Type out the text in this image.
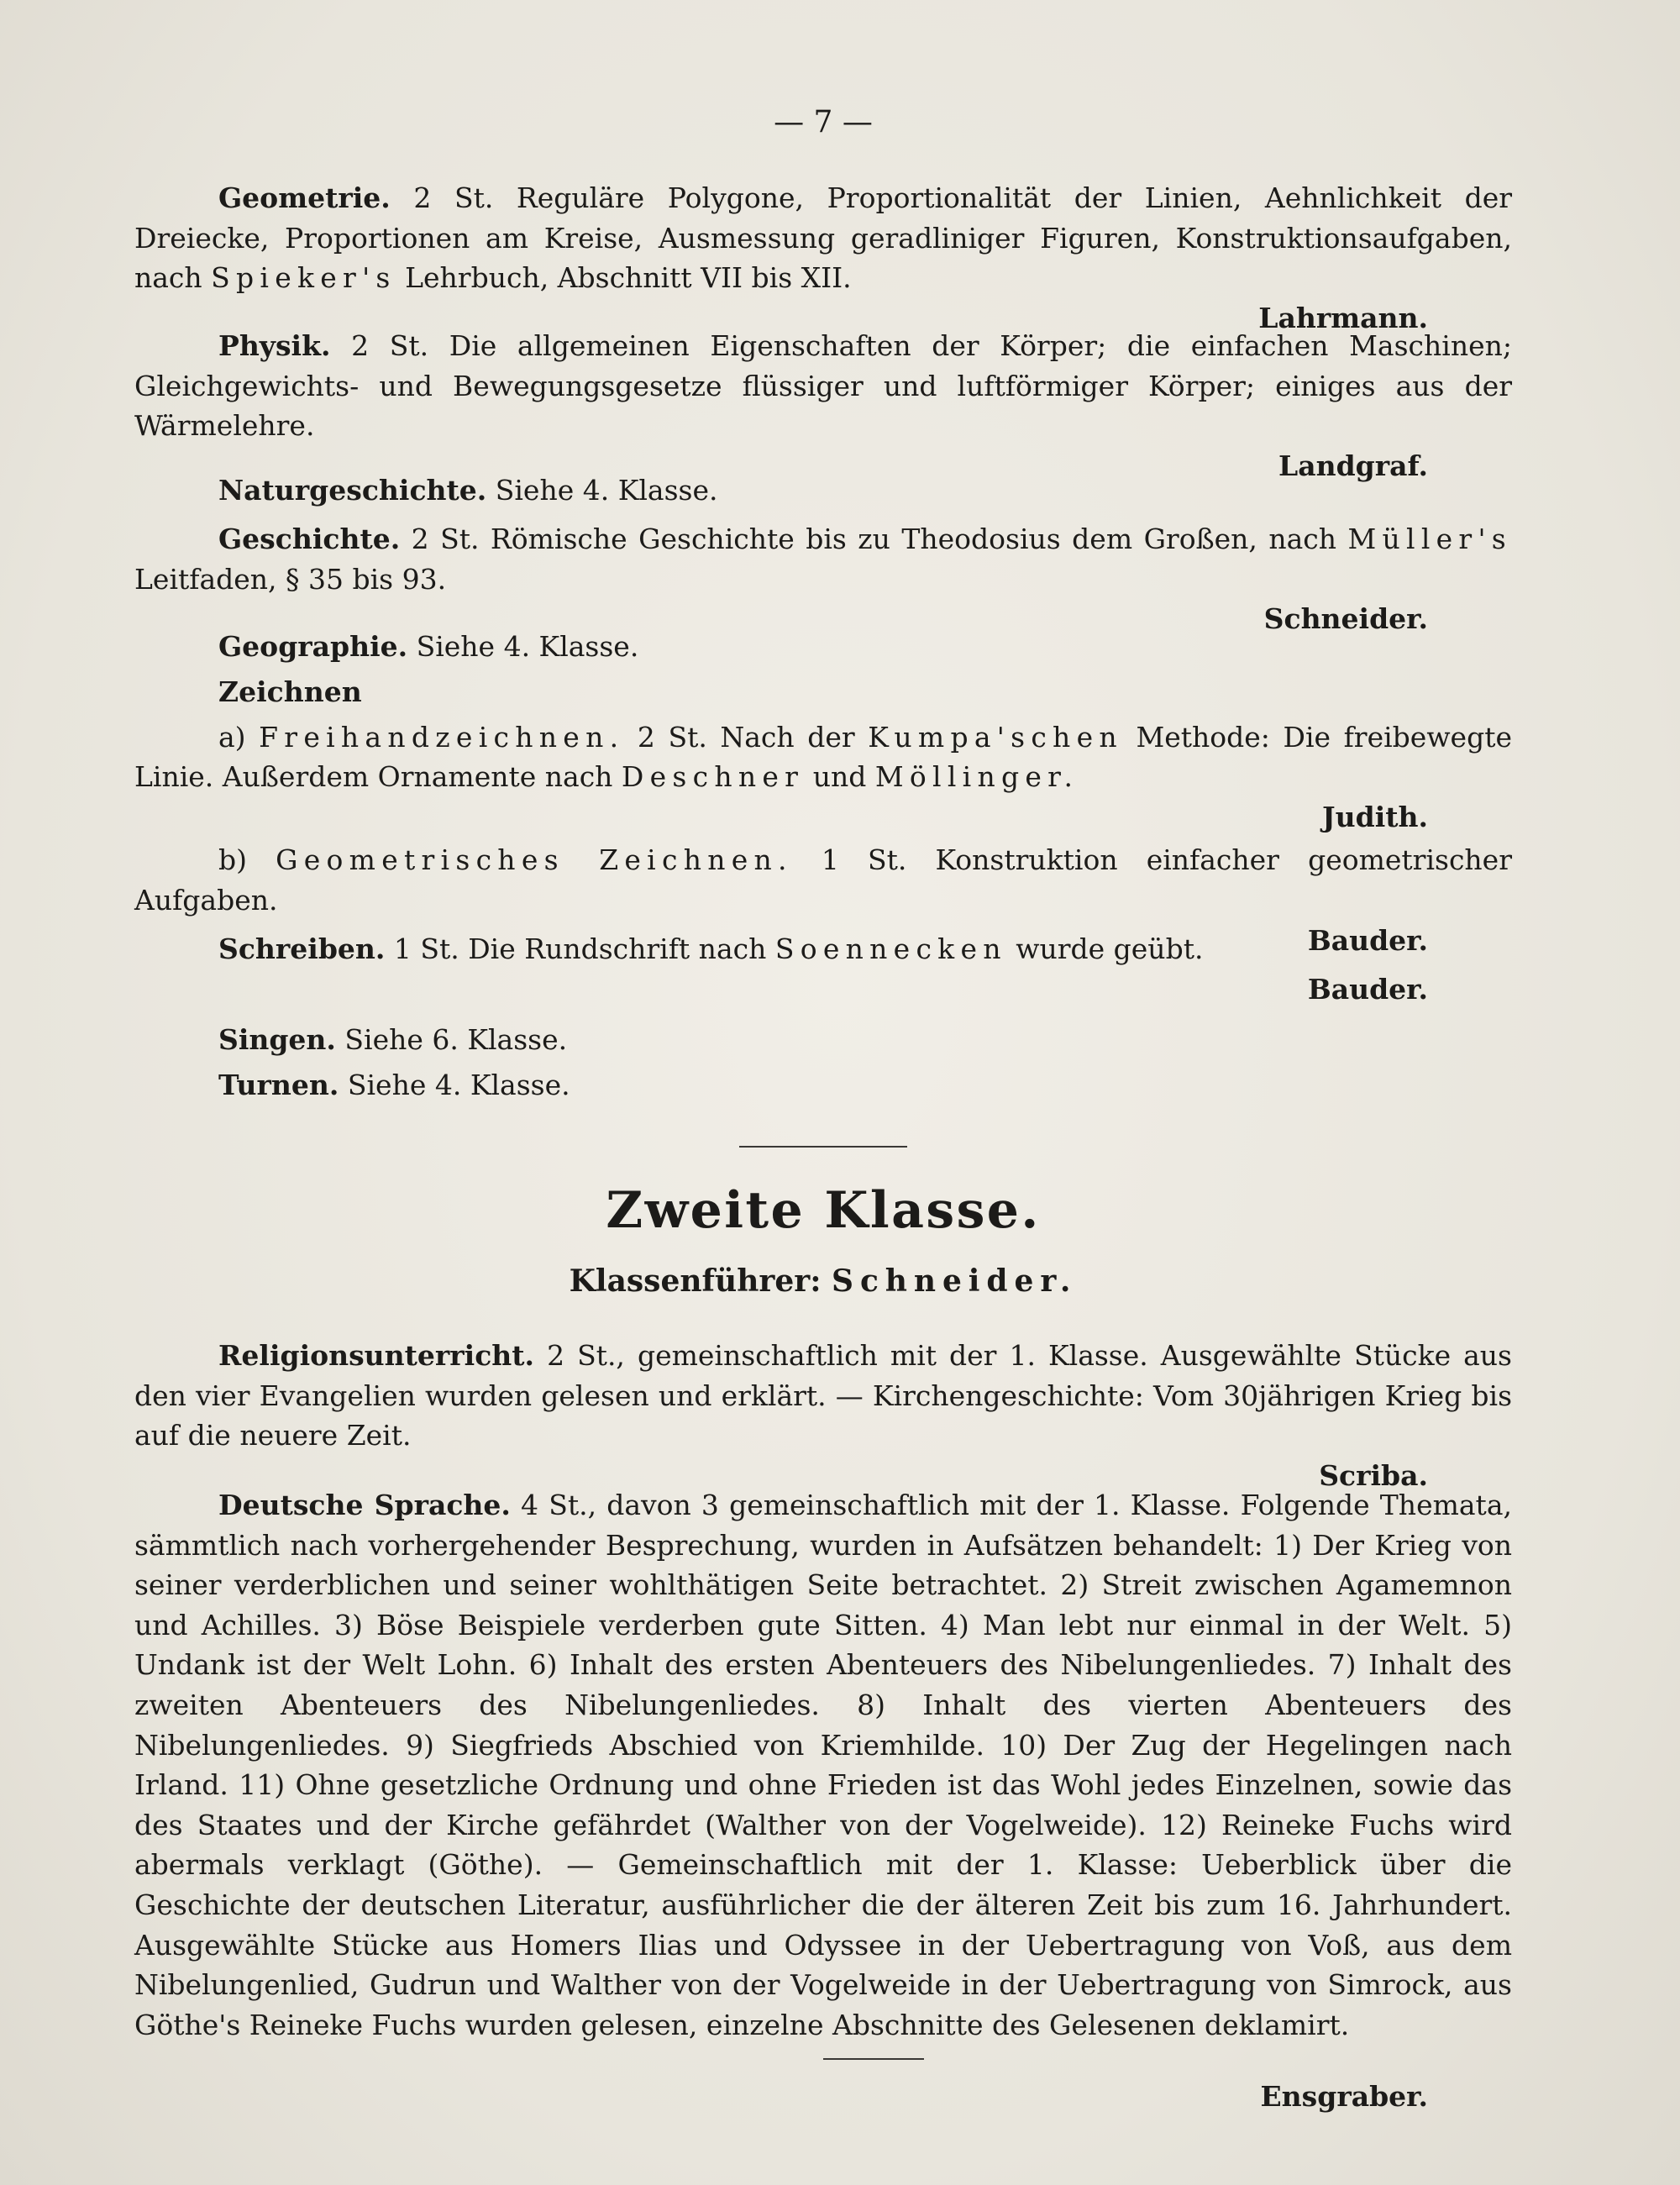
— 7 —

Geometrie. 2 St. Reguläre Polygone, Proportionalität der Linien, Aehnlichkeit der Dreiecke, Proportionen am Kreise, Ausmessung geradliniger Figuren, Konstruktionsaufgaben, nach Spieker's Lehrbuch, Abschnitt VII bis XII.

Lahrmann.

Physik. 2 St. Die allgemeinen Eigenschaften der Körper; die einfachen Maschinen; Gleichgewichts- und Bewegungsgesetze flüssiger und luftförmiger Körper; einiges aus der Wärmelehre.

Landgraf.

Naturgeschichte. Siehe 4. Klasse.

Geschichte. 2 St. Römische Geschichte bis zu Theodosius dem Großen, nach Müller's Leitfaden, § 35 bis 93.

Schneider.

Geographie. Siehe 4. Klasse.

Zeichnen

a) Freihandzeichnen. 2 St. Nach der Kumpa'schen Methode: Die freibewegte Linie. Außerdem Ornamente nach Deschner und Möllinger.

Judith.

b) Geometrisches Zeichnen. 1 St. Konstruktion einfacher geometrischer Aufgaben.

Bauder.

Schreiben. 1 St. Die Rundschrift nach Soennecken wurde geübt.

Bauder.

Singen. Siehe 6. Klasse.

Turnen. Siehe 4. Klasse.

Zweite Klasse.
Klassenführer: Schneider.

Religionsunterricht. 2 St., gemeinschaftlich mit der 1. Klasse. Ausgewählte Stücke aus den vier Evangelien wurden gelesen und erklärt. — Kirchengeschichte: Vom 30jährigen Krieg bis auf die neuere Zeit.

Scriba.

Deutsche Sprache. 4 St., davon 3 gemeinschaftlich mit der 1. Klasse. Folgende Themata, sämmtlich nach vorhergehender Besprechung, wurden in Aufsätzen behandelt: 1) Der Krieg von seiner verderblichen und seiner wohlthätigen Seite betrachtet. 2) Streit zwischen Agamemnon und Achilles. 3) Böse Beispiele verderben gute Sitten. 4) Man lebt nur einmal in der Welt. 5) Undank ist der Welt Lohn. 6) Inhalt des ersten Abenteuers des Nibelungenliedes. 7) Inhalt des zweiten Abenteuers des Nibelungenliedes. 8) Inhalt des vierten Abenteuers des Nibelungenliedes. 9) Siegfrieds Abschied von Kriemhilde. 10) Der Zug der Hegelingen nach Irland. 11) Ohne gesetzliche Ordnung und ohne Frieden ist das Wohl jedes Einzelnen, sowie das des Staates und der Kirche gefährdet (Walther von der Vogelweide). 12) Reineke Fuchs wird abermals verklagt (Göthe). — Gemeinschaftlich mit der 1. Klasse: Ueberblick über die Geschichte der deutschen Literatur, ausführlicher die der älteren Zeit bis zum 16. Jahrhundert. Ausgewählte Stücke aus Homers Ilias und Odyssee in der Uebertragung von Voß, aus dem Nibelungenlied, Gudrun und Walther von der Vogelweide in der Uebertragung von Simrock, aus Göthe's Reineke Fuchs wurden gelesen, einzelne Abschnitte des Gelesenen deklamirt.

Ensgraber.
